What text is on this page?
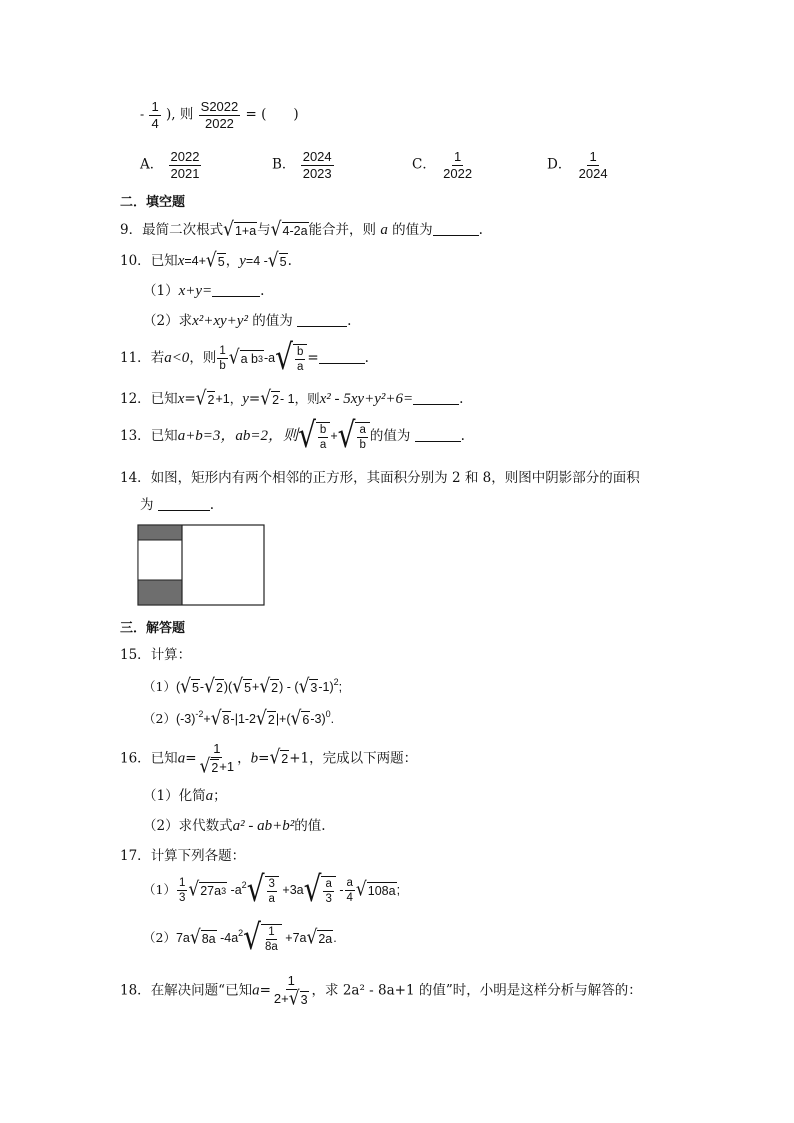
- $\frac{1}{4}$ ), 则 $\frac{S2022}{2022}$ = (　　)
A． $\frac{2022}{2021}$	B． $\frac{2024}{2023}$	C． $\frac{1}{2022}$	D． $\frac{1}{2024}$
二．填空题
9．最简二次根式 √ 1+a 与 √ 4-2a 能合并，则 a 的值为	.
10．已知x=4+ √ 5 ，y=4 - √ 5 .
（1）x+y=	.
（2）求x²+xy+y² 的值为	.
11．若a<0，则 $\frac{1}{b}$ √ a b 3 -a √ $\frac{b}{a}$ =	.
12．已知x= √ 2 +1，y= √ 2 - 1，则x² - 5xy+y²+6=	.
13．已知a+b=3，ab=2，则 √ $\frac{b}{a}$ + √ $\frac{a}{b}$ 的值为	.
14．如图，矩形内有两个相邻的正方形，其面积分别为 2 和 8，则图中阴影部分的面积
为	.
三．解答题
15．计算：
（1）( √ 5 - √ 2 )( √ 5 + √ 2 ) - ( √ 3 -1)$^2$;
$(2)(-3)^{-2}+$ √ 8 -|1-2 √ 2 |+( √ 6 -3)$^0$.
16．已知$a= \frac{1}{√ 2 +1}$ ，b= √ 2 +1，完成以下两题：
（1）化简a；
（2）求代数式a² - ab+b²的值.
17．计算下列各题：
$(1) \frac{1}{3}$ √ 27a 3 $-a^2$ √ $\frac{3}{a} +3a$ √ $\frac{a}{3} - \frac{a}{4}$ √ 108a ;
（2）7a √ 8a $-4a^2$ √ $\frac{1}{8a} +7a$ √ 2a .
18．在解决问题“已知$a= \frac{1}{2+ √ 3}$ ，求 2a² - 8a+1 的值”时，小明是这样分析与解答的：
